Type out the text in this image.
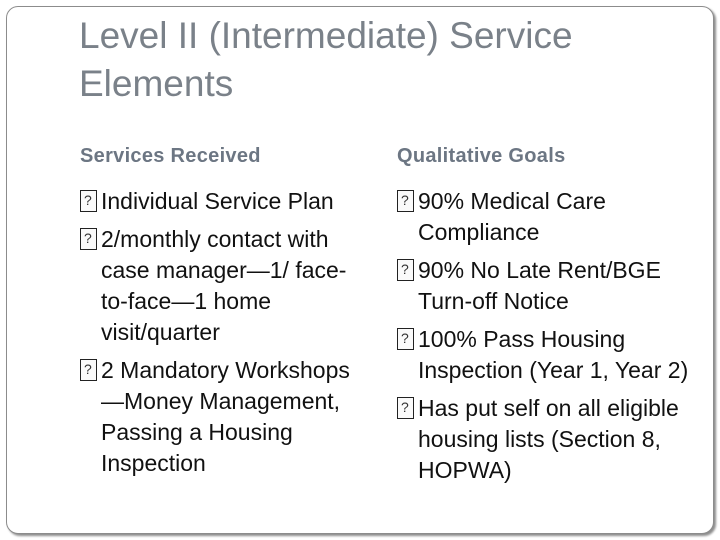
Level II (Intermediate) Service Elements
Services Received
?Individual Service Plan
?2/monthly contact with case manager—1/ face-to-face—1 home visit/quarter
?2 Mandatory Workshops—Money Management, Passing a Housing Inspection
Qualitative Goals
?90% Medical Care Compliance
?90% No Late Rent/BGE Turn-off Notice
?100% Pass Housing Inspection (Year 1, Year 2)
?Has put self on all eligible housing lists (Section 8, HOPWA)
